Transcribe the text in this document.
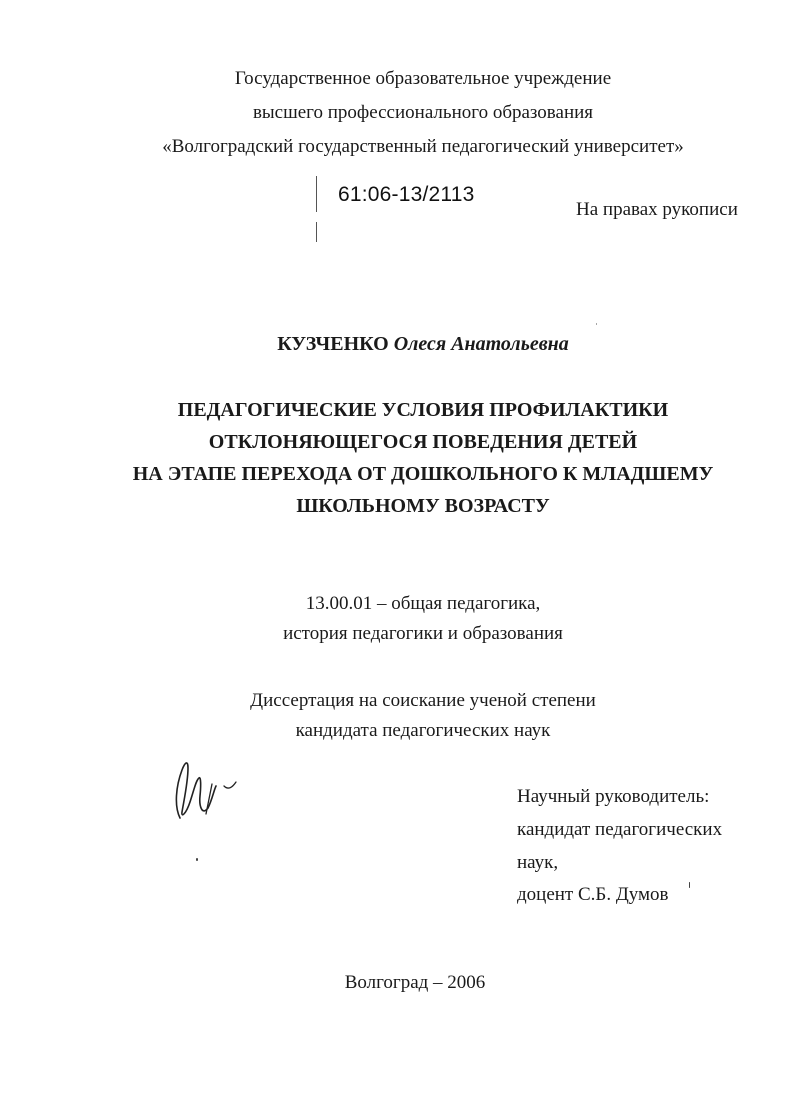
Государственное образовательное учреждение
высшего профессионального образования
«Волгоградский государственный педагогический университет»
61:06-13/2113
На правах рукописи
КУЗЧЕНКО Олеся Анатольевна
ПЕДАГОГИЧЕСКИЕ УСЛОВИЯ ПРОФИЛАКТИКИ
ОТКЛОНЯЮЩЕГОСЯ ПОВЕДЕНИЯ ДЕТЕЙ
НА ЭТАПЕ ПЕРЕХОДА ОТ ДОШКОЛЬНОГО К МЛАДШЕМУ
ШКОЛЬНОМУ ВОЗРАСТУ
13.00.01 – общая педагогика,
история педагогики и образования
Диссертация на соискание ученой степени
кандидата педагогических наук
Научный руководитель:
кандидат педагогических
наук,
доцент С.Б. Думов
Волгоград – 2006
